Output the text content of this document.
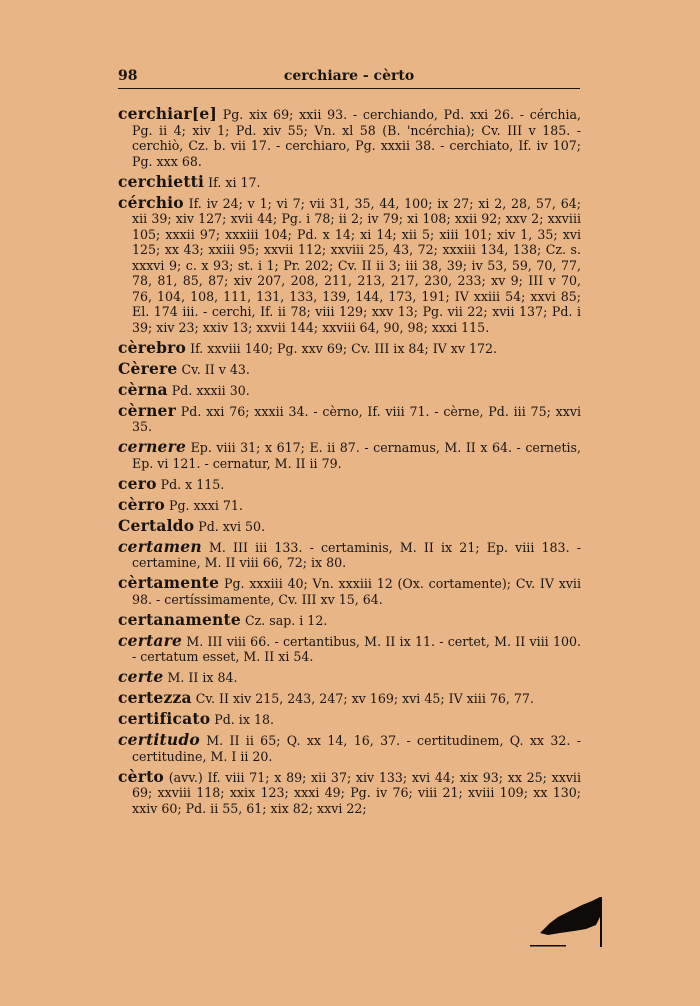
98	cerchiare - cèrto
cerchiar[e] Pg. xix 69; xxii 93. - cerchiando, Pd. xxi 26. - cérchia, Pg. ii 4; xiv 1; Pd. xiv 55; Vn. xl 58 (B. 'ncérchia); Cv. III v 185. - cerchiò, Cz. b. vii 17. - cerchiaro, Pg. xxxii 38. - cerchiato, If. iv 107; Pg. xxx 68.
cerchietti If. xi 17.
cérchio If. iv 24; v 1; vi 7; vii 31, 35, 44, 100; ix 27; xi 2, 28, 57, 64; xii 39; xiv 127; xvii 44; Pg. i 78; ii 2; iv 79; xi 108; xxii 92; xxv 2; xxviii 105; xxxii 97; xxxiii 104; Pd. x 14; xi 14; xii 5; xiii 101; xiv 1, 35; xvi 125; xx 43; xxiii 95; xxvii 112; xxviii 25, 43, 72; xxxiii 134, 138; Cz. s. xxxvi 9; c. x 93; st. i 1; Pr. 202; Cv. II ii 3; iii 38, 39; iv 53, 59, 70, 77, 78, 81, 85, 87; xiv 207, 208, 211, 213, 217, 230, 233; xv 9; III v 70, 76, 104, 108, 111, 131, 133, 139, 144, 173, 191; IV xxiii 54; xxvi 85; El. 174 iii. - cerchi, If. ii 78; viii 129; xxv 13; Pg. vii 22; xvii 137; Pd. i 39; xiv 23; xxiv 13; xxvii 144; xxviii 64, 90, 98; xxxi 115.
cèrebro If. xxviii 140; Pg. xxv 69; Cv. III ix 84; IV xv 172.
Cèrere Cv. II v 43.
cèrna Pd. xxxii 30.
cèrner Pd. xxi 76; xxxii 34. - cèrno, If. viii 71. - cèrne, Pd. iii 75; xxvi 35.
cernere Ep. viii 31; x 617; E. ii 87. - cernamus, M. II x 64. - cernetis, Ep. vi 121. - cernatur, M. II ii 79.
cero Pd. x 115.
cèrro Pg. xxxi 71.
Certaldo Pd. xvi 50.
certamen M. III iii 133. - certaminis, M. II ix 21; Ep. viii 183. - certamine, M. II viii 66, 72; ix 80.
cèrtamente Pg. xxxiii 40; Vn. xxxiii 12 (Ox. cortamente); Cv. IV xvii 98. - certíssimamente, Cv. III xv 15, 64.
certanamente Cz. sap. i 12.
certare M. III viii 66. - certantibus, M. II ix 11. - certet, M. II viii 100. - certatum esset, M. II xi 54.
certe M. II ix 84.
certezza Cv. II xiv 215, 243, 247; xv 169; xvi 45; IV xiii 76, 77.
certificato Pd. ix 18.
certitudo M. II ii 65; Q. xx 14, 16, 37. - certitudinem, Q. xx 32. - certitudine, M. I ii 20.
cèrto (avv.) If. viii 71; x 89; xii 37; xiv 133; xvi 44; xix 93; xx 25; xxvii 69; xxviii 118; xxix 123; xxxi 49; Pg. iv 76; viii 21; xviii 109; xx 130; xxiv 60; Pd. ii 55, 61; xix 82; xxvi 22;
